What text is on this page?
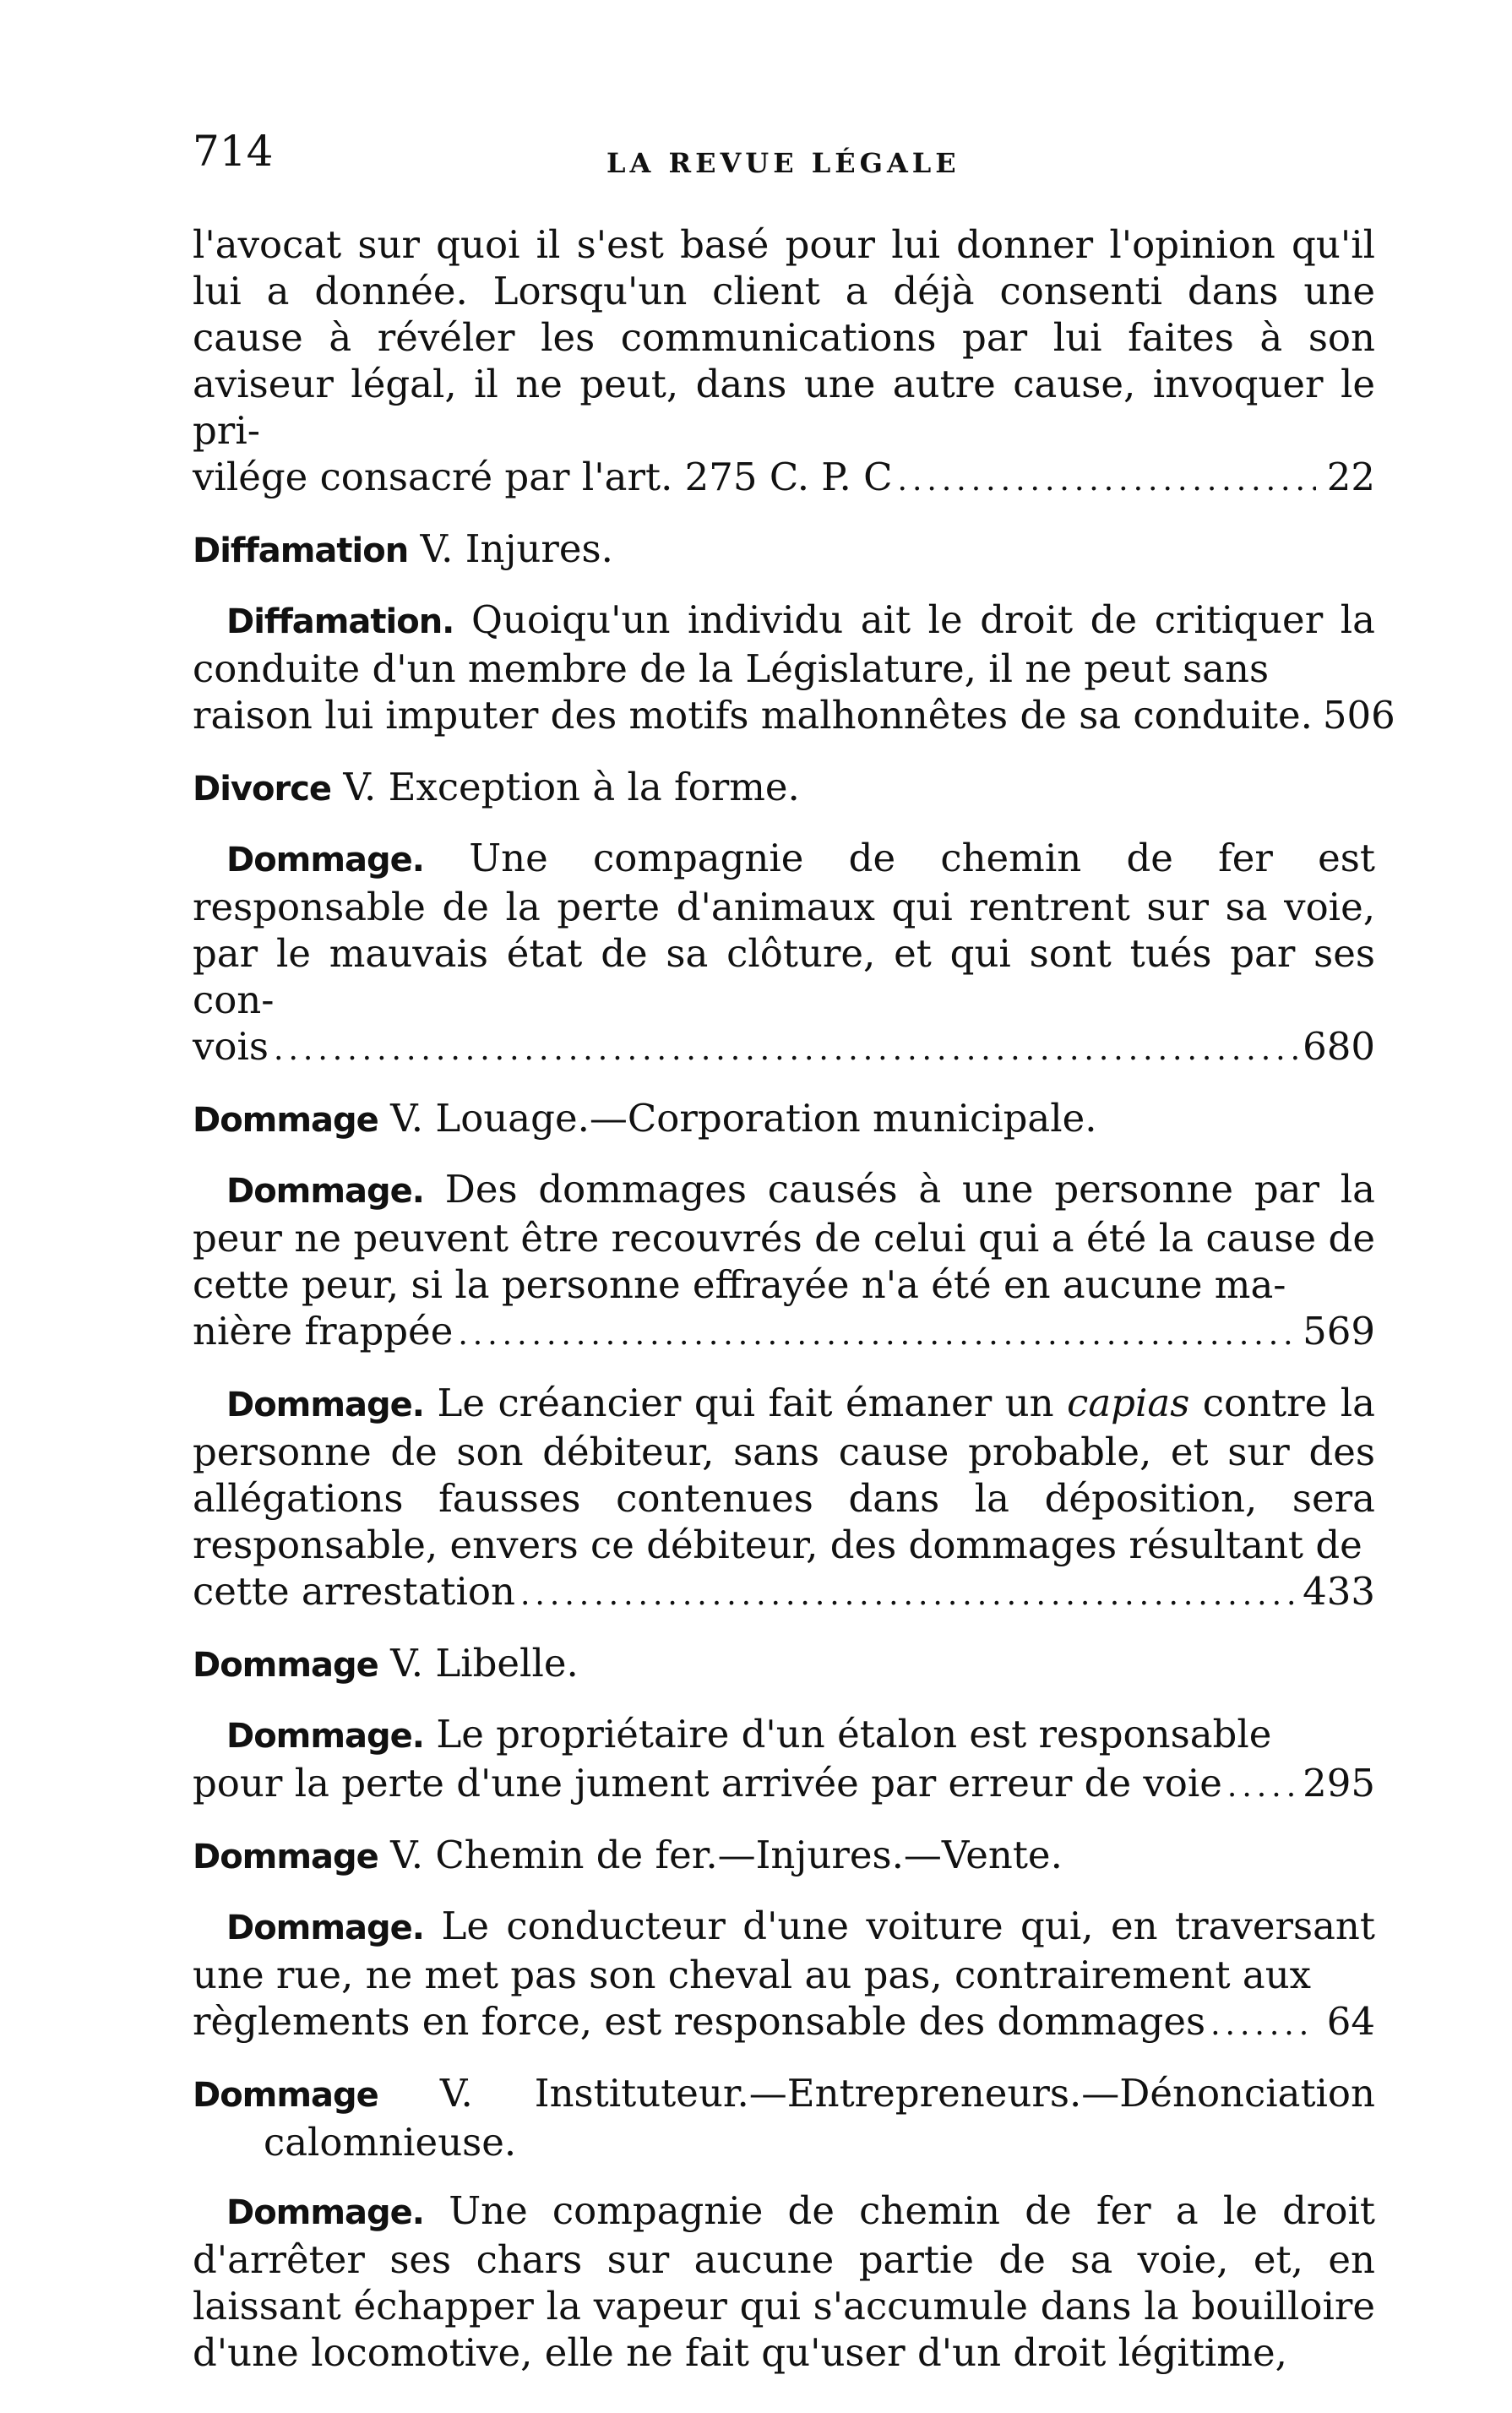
714	LA REVUE LÉGALE
l'avocat sur quoi il s'est basé pour lui donner l'opinion qu'il lui a donnée. Lorsqu'un client a déjà consenti dans une cause à révéler les communications par lui faites à son aviseur légal, il ne peut, dans une autre cause, invoquer le pri-
vilége consacré par l'art. 275 C. P. C .....	22
Diffamation V. Injures.
Diffamation. Quoiqu'un individu ait le droit de critiquer la conduite d'un membre de la Législature, il ne peut sans
raison lui imputer des motifs malhonnêtes de sa conduite. 506
Divorce V. Exception à la forme.
Dommage. Une compagnie de chemin de fer est responsable de la perte d'animaux qui rentrent sur sa voie, par le mauvais état de sa clôture, et qui sont tués par ses con-
vois .....	680
Dommage V. Louage.—Corporation municipale.
Dommage. Des dommages causés à une personne par la peur ne peuvent être recouvrés de celui qui a été la cause de cette peur, si la personne effrayée n'a été en aucune ma-
nière frappée .....	569
Dommage. Le créancier qui fait émaner un capias contre la personne de son débiteur, sans cause probable, et sur des allégations fausses contenues dans la déposition, sera responsable, envers ce débiteur, des dommages résultant de
cette arrestation .....	433
Dommage V. Libelle.
Dommage. Le propriétaire d'un étalon est responsable
pour la perte d'une jument arrivée par erreur de voie ..... 295
Dommage V. Chemin de fer.—Injures.—Vente.
Dommage. Le conducteur d'une voiture qui, en traversant une rue, ne met pas son cheval au pas, contrairement aux
règlements en force, est responsable des dommages .....	64
Dommage V. Instituteur.—Entrepreneurs.—Dénonciation calomnieuse.
Dommage. Une compagnie de chemin de fer a le droit d'arrêter ses chars sur aucune partie de sa voie, et, en laissant échapper la vapeur qui s'accumule dans la bouilloire d'une locomotive, elle ne fait qu'user d'un droit légitime,
